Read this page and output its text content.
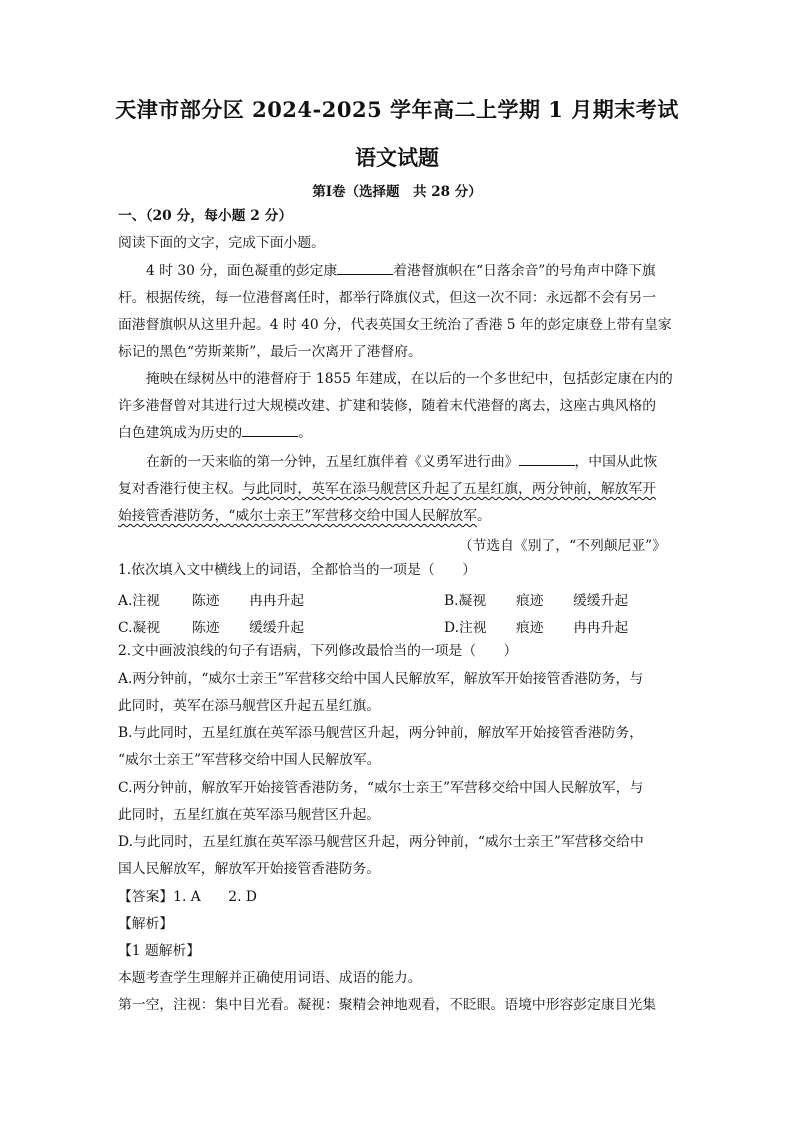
天津市部分区 2024-2025 学年高二上学期 1 月期末考试
语文试题
第Ⅰ卷（选择题　共 28 分）
一、（20 分，每小题 2 分）
阅读下面的文字，完成下面小题。
4 时 30 分，面色凝重的彭定康	着港督旗帜在“日落余音”的号角声中降下旗
杆。根据传统，每一位港督离任时，都举行降旗仪式，但这一次不同：永远都不会有另一
面港督旗帜从这里升起。4 时 40 分，代表英国女王统治了香港 5 年的彭定康登上带有皇家
标记的黑色“劳斯莱斯”，最后一次离开了港督府。
掩映在绿树丛中的港督府于 1855 年建成，在以后的一个多世纪中，包括彭定康在内的
许多港督曾对其进行过大规模改建、扩建和装修，随着末代港督的离去，这座古典风格的
白色建筑成为历史的	。
在新的一天来临的第一分钟，五星红旗伴着《义勇军进行曲》	，中国从此恢
复对香港行使主权。与此同时，英军在添马舰营区升起了五星红旗，两分钟前，解放军开
始接管香港防务，“威尔士亲王”军营移交给中国人民解放军。
（节选自《别了，“不列颠尼亚”》
1.依次填入文中横线上的词语，全都恰当的一项是（　　）
A.注视 陈迹 冉冉升起	B.凝视 痕迹 缓缓升起
C.凝视 陈迹 缓缓升起	D.注视 痕迹 冉冉升起
2.文中画波浪线的句子有语病，下列修改最恰当的一项是（　　）
A.两分钟前，“威尔士亲王”军营移交给中国人民解放军，解放军开始接管香港防务，与
此同时，英军在添马舰营区升起五星红旗。
B.与此同时，五星红旗在英军添马舰营区升起，两分钟前，解放军开始接管香港防务，
“威尔士亲王”军营移交给中国人民解放军。
C.两分钟前，解放军开始接管香港防务，“威尔士亲王”军营移交给中国人民解放军，与
此同时，五星红旗在英军添马舰营区升起。
D.与此同时，五星红旗在英军添马舰营区升起，两分钟前，“威尔士亲王”军营移交给中
国人民解放军，解放军开始接管香港防务。
【答案】1. A　　2. D
【解析】
【1 题解析】
本题考查学生理解并正确使用词语、成语的能力。
第一空，注视：集中目光看。凝视：聚精会神地观看，不眨眼。语境中形容彭定康目光集
